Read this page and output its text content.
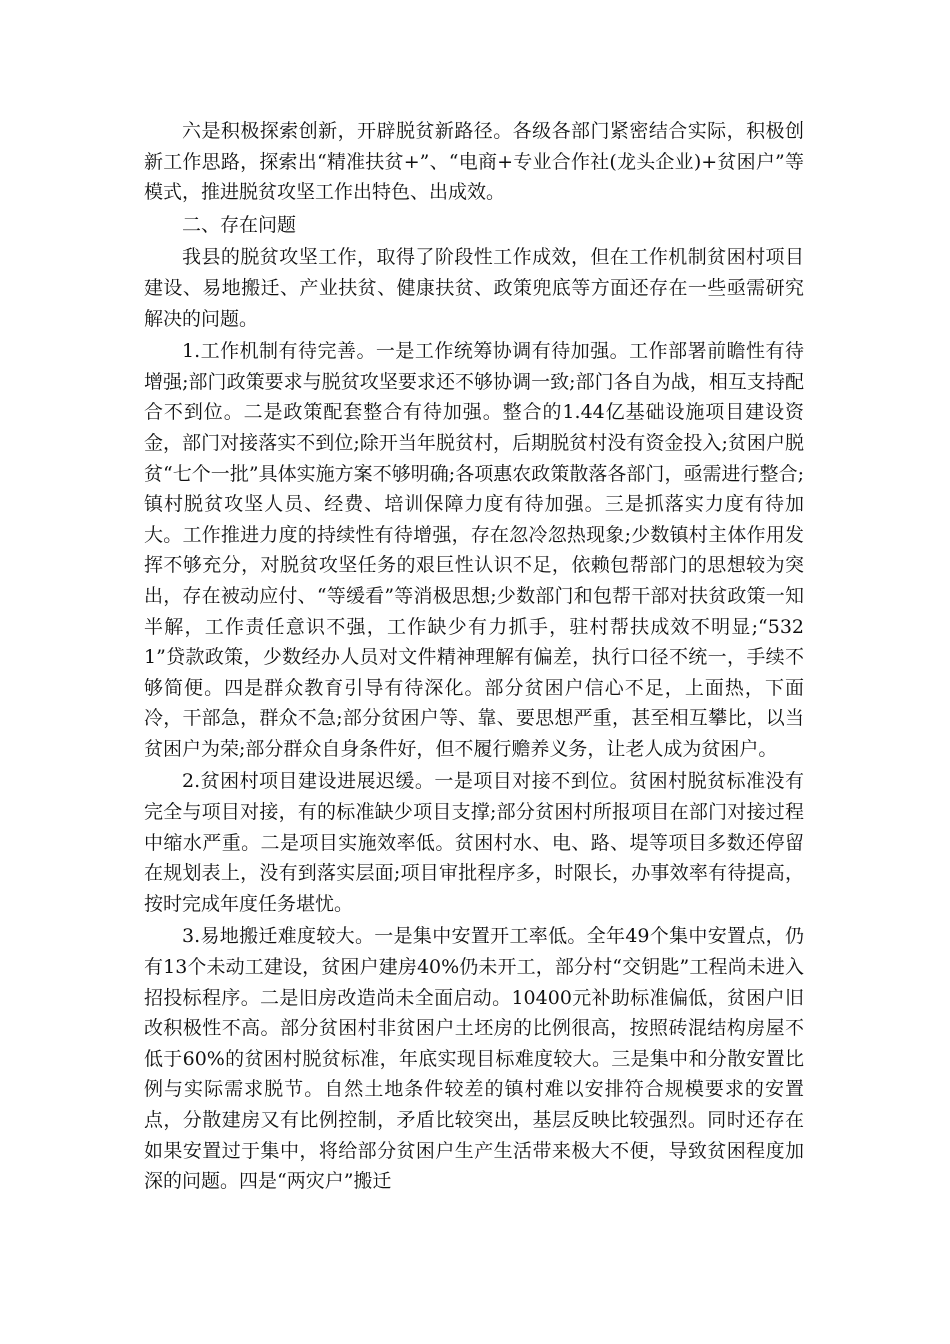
六是积极探索创新，开辟脱贫新路径。各级各部门紧密结合实际，积极创新工作思路，探索出“精准扶贫+”、“电商+专业合作社(龙头企业)+贫困户”等模式，推进脱贫攻坚工作出特色、出成效。

二、存在问题

我县的脱贫攻坚工作，取得了阶段性工作成效，但在工作机制贫困村项目建设、易地搬迁、产业扶贫、健康扶贫、政策兜底等方面还存在一些亟需研究解决的问题。

1.工作机制有待完善。一是工作统筹协调有待加强。工作部署前瞻性有待增强;部门政策要求与脱贫攻坚要求还不够协调一致;部门各自为战，相互支持配合不到位。二是政策配套整合有待加强。整合的1.44亿基础设施项目建设资金，部门对接落实不到位;除开当年脱贫村，后期脱贫村没有资金投入;贫困户脱贫“七个一批”具体实施方案不够明确;各项惠农政策散落各部门，亟需进行整合;镇村脱贫攻坚人员、经费、培训保障力度有待加强。三是抓落实力度有待加大。工作推进力度的持续性有待增强，存在忽冷忽热现象;少数镇村主体作用发挥不够充分，对脱贫攻坚任务的艰巨性认识不足，依赖包帮部门的思想较为突出，存在被动应付、“等缓看”等消极思想;少数部门和包帮干部对扶贫政策一知半解，工作责任意识不强，工作缺少有力抓手，驻村帮扶成效不明显;“5321”贷款政策，少数经办人员对文件精神理解有偏差，执行口径不统一，手续不够简便。四是群众教育引导有待深化。部分贫困户信心不足，上面热，下面冷，干部急，群众不急;部分贫困户等、靠、要思想严重，甚至相互攀比，以当贫困户为荣;部分群众自身条件好，但不履行赡养义务，让老人成为贫困户。

2.贫困村项目建设进展迟缓。一是项目对接不到位。贫困村脱贫标准没有完全与项目对接，有的标准缺少项目支撑;部分贫困村所报项目在部门对接过程中缩水严重。二是项目实施效率低。贫困村水、电、路、堤等项目多数还停留在规划表上，没有到落实层面;项目审批程序多，时限长，办事效率有待提高，按时完成年度任务堪忧。

3.易地搬迁难度较大。一是集中安置开工率低。全年49个集中安置点，仍有13个未动工建设，贫困户建房40%仍未开工，部分村“交钥匙”工程尚未进入招投标程序。二是旧房改造尚未全面启动。10400元补助标准偏低，贫困户旧改积极性不高。部分贫困村非贫困户土坯房的比例很高，按照砖混结构房屋不低于60%的贫困村脱贫标准，年底实现目标难度较大。三是集中和分散安置比例与实际需求脱节。自然土地条件较差的镇村难以安排符合规模要求的安置点，分散建房又有比例控制，矛盾比较突出，基层反映比较强烈。同时还存在如果安置过于集中，将给部分贫困户生产生活带来极大不便，导致贫困程度加深的问题。四是“两灾户”搬迁
